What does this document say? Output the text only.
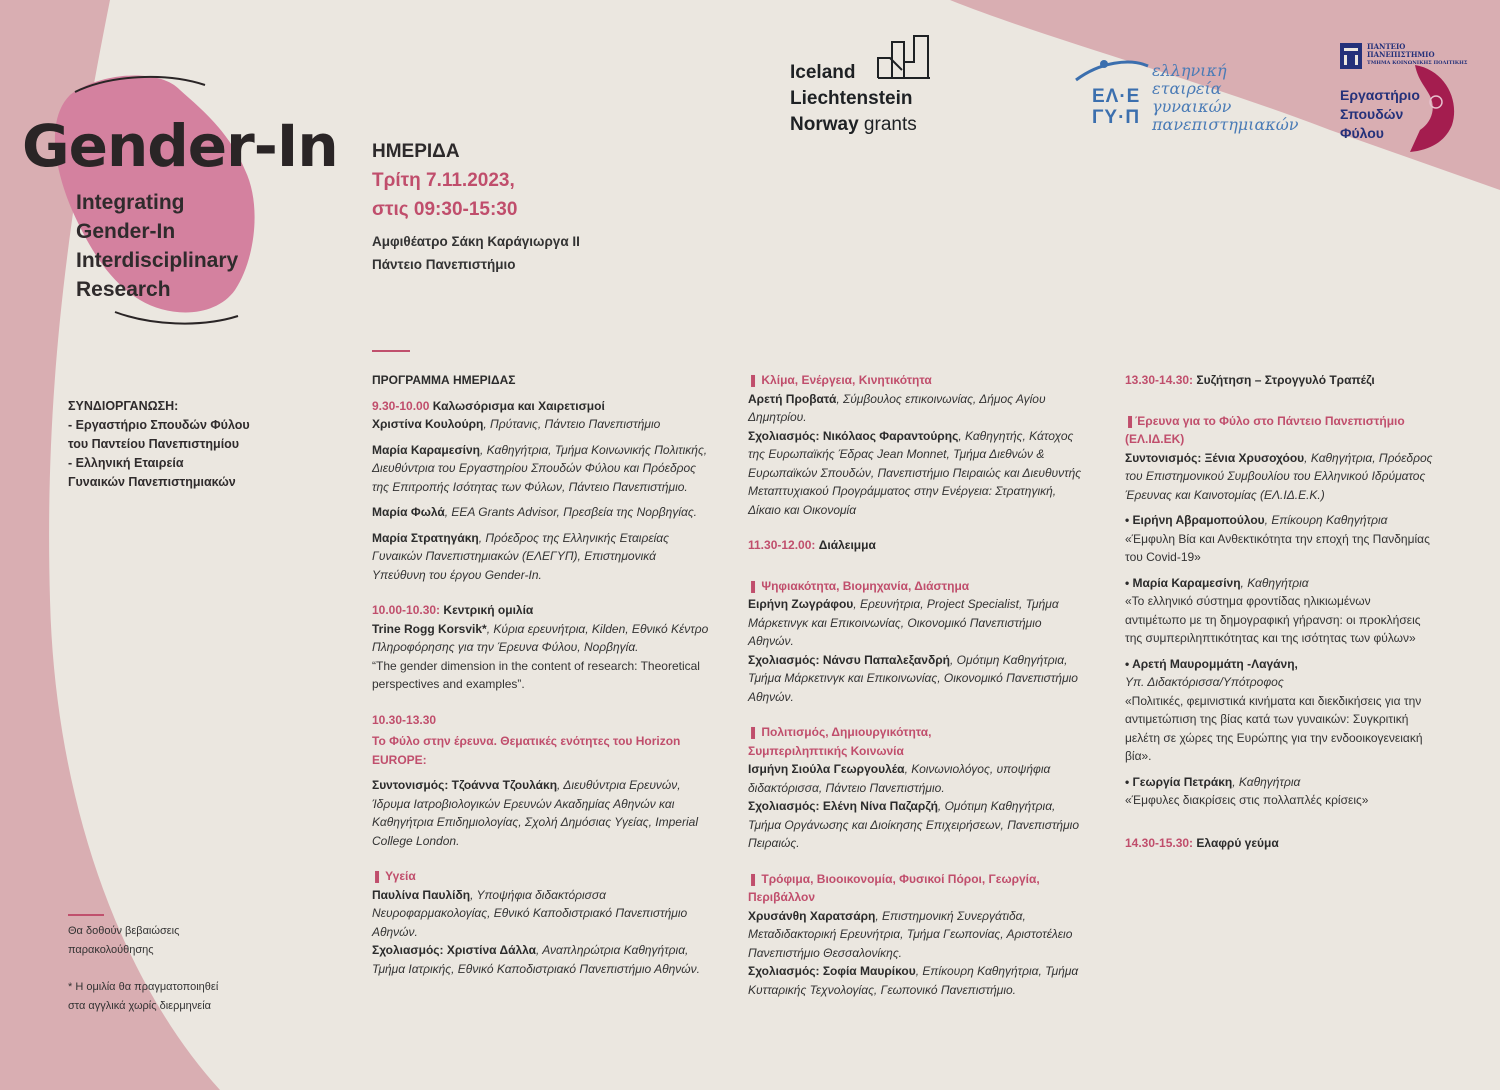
Iceland
Liechtenstein
Norway grants
ΕΛ·Ε
ΓΥ·Π
ελληνική
εταιρεία
γυναικών
πανεπιστημιακών
ΠΑΝΤΕΙΟ
ΠΑΝΕΠΙΣΤΗΜΙΟ
ΤΜΗΜΑ ΚΟΙΝΩΝΙΚΗΣ ΠΟΛΙΤΙΚΗΣ
Εργαστήριο
Σπουδών
Φύλου
Gender-In
Integrating
Gender-In
Interdisciplinary
Research
ΗΜΕΡΙΔΑ
Τρίτη 7.11.2023,
στις 09:30-15:30
Αμφιθέατρο Σάκη Καράγιωργα ΙΙ
Πάντειο Πανεπιστήμιο
ΣΥΝΔΙΟΡΓΑΝΩΣΗ:
- Εργαστήριο Σπουδών Φύλου
του Παντείου Πανεπιστημίου
- Ελληνική Εταιρεία
Γυναικών Πανεπιστημιακών
Θα δοθούν βεβαιώσεις
παρακολούθησης
* Η ομιλία θα πραγματοποιηθεί
στα αγγλικά χωρίς διερμηνεία

ΠΡΟΓΡΑΜΜΑ ΗΜΕΡΙΔΑΣ

9.30-10.00 Καλωσόρισμα και Χαιρετισμοί

Χριστίνα Κουλούρη, Πρύτανις, Πάντειο Πανεπιστήμιο

Μαρία Καραμεσίνη, Καθηγήτρια, Τμήμα Κοινωνικής Πολιτικής, Διευθύντρια του Εργαστηρίου Σπουδών Φύλου και Πρόεδρος της Επιτροπής Ισότητας των Φύλων, Πάντειο Πανεπιστήμιο.

Μαρία Φωλά, EEA Grants Advisor, Πρεσβεία της Νορβηγίας.

Μαρία Στρατηγάκη, Πρόεδρος της Ελληνικής Εταιρείας Γυναικών Πανεπιστημιακών (ΕΛΕΓΥΠ), Επιστημονικά Υπεύθυνη του έργου Gender-In.

10.00-10.30: Κεντρική ομιλία

Trine Rogg Korsvik*, Κύρια ερευνήτρια, Kilden, Εθνικό Κέντρο Πληροφόρησης για την Έρευνα Φύλου, Νορβηγία.

“The gender dimension in the content of research: Theoretical perspectives and examples”.

10.30-13.30

Το Φύλο στην έρευνα. Θεματικές ενότητες του Horizon EUROPE:

Συντονισμός: Τζοάννα Τζουλάκη, Διευθύντρια Ερευνών, Ίδρυμα Ιατροβιολογικών Ερευνών Ακαδημίας Αθηνών και Καθηγήτρια Επιδημιολογίας, Σχολή Δημόσιας Υγείας, Imperial College London.

❚ Υγεία

Παυλίνα Παυλίδη, Υποψήφια διδακτόρισσα Νευροφαρμακολογίας, Εθνικό Καποδιστριακό Πανεπιστήμιο Αθηνών.

Σχολιασμός: Χριστίνα Δάλλα, Αναπληρώτρια Καθηγήτρια, Τμήμα Ιατρικής, Εθνικό Καποδιστριακό Πανεπιστήμιο Αθηνών.

❚ Κλίμα, Ενέργεια, Κινητικότητα

Αρετή Προβατά, Σύμβουλος επικοινωνίας, Δήμος Αγίου Δημητρίου.

Σχολιασμός: Νικόλαος Φαραντούρης, Καθηγητής, Κάτοχος της Ευρωπαϊκής Έδρας Jean Monnet, Τμήμα Διεθνών & Ευρωπαϊκών Σπουδών, Πανεπιστήμιο Πειραιώς και Διευθυντής Μεταπτυχιακού Προγράμματος στην Ενέργεια: Στρατηγική, Δίκαιο και Οικονομία

11.30-12.00: Διάλειμμα

❚ Ψηφιακότητα, Βιομηχανία, Διάστημα

Ειρήνη Ζωγράφου, Ερευνήτρια, Project Specialist, Τμήμα Μάρκετινγκ και Επικοινωνίας, Οικονομικό Πανεπιστήμιο Αθηνών.

Σχολιασμός: Νάνσυ Παπαλεξανδρή, Ομότιμη Καθηγήτρια, Τμήμα Μάρκετινγκ και Επικοινωνίας, Οικονομικό Πανεπιστήμιο Αθηνών.

❚ Πολιτισμός, Δημιουργικότητα, Συμπεριληπτικής Κοινωνία

Ισμήνη Σιούλα Γεωργουλέα, Κοινωνιολόγος, υποψήφια διδακτόρισσα, Πάντειο Πανεπιστήμιο.

Σχολιασμός: Ελένη Νίνα Παζαρζή, Ομότιμη Καθηγήτρια, Τμήμα Οργάνωσης και Διοίκησης Επιχειρήσεων, Πανεπιστήμιο Πειραιώς.

❚ Τρόφιμα, Βιοοικονομία, Φυσικοί Πόροι, Γεωργία, Περιβάλλον

Χρυσάνθη Χαρατσάρη, Επιστημονική Συνεργάτιδα, Μεταδιδακτορική Ερευνήτρια, Τμήμα Γεωπονίας, Αριστοτέλειο Πανεπιστήμιο Θεσσαλονίκης.

Σχολιασμός: Σοφία Μαυρίκου, Επίκουρη Καθηγήτρια, Τμήμα Κυτταρικής Τεχνολογίας, Γεωπονικό Πανεπιστήμιο.

13.30-14.30: Συζήτηση – Στρογγυλό Τραπέζι

❚Έρευνα για το Φύλο στο Πάντειο Πανεπιστήμιο (ΕΛ.ΙΔ.ΕΚ)

Συντονισμός: Ξένια Χρυσοχόου, Καθηγήτρια, Πρόεδρος του Επιστημονικού Συμβουλίου του Ελληνικού Ιδρύματος Έρευνας και Καινοτομίας (ΕΛ.ΙΔ.Ε.Κ.)

• Ειρήνη Αβραμοπούλου, Επίκουρη Καθηγήτρια

«Έμφυλη Βία και Ανθεκτικότητα την εποχή της Πανδημίας του Covid-19»

• Μαρία Καραμεσίνη, Καθηγήτρια

«Το ελληνικό σύστημα φροντίδας ηλικιωμένων αντιμέτωπο με τη δημογραφική γήρανση: οι προκλήσεις της συμπεριληπτικότητας και της ισότητας των φύλων»

• Αρετή Μαυρομμάτη -Λαγάνη,

Υπ. Διδακτόρισσα/Υπότροφος

«Πολιτικές, φεμινιστικά κινήματα και διεκδικήσεις για την αντιμετώπιση της βίας κατά των γυναικών: Συγκριτική μελέτη σε χώρες της Ευρώπης για την ενδοοικογενειακή βία».

• Γεωργία Πετράκη, Καθηγήτρια

«Έμφυλες διακρίσεις στις πολλαπλές κρίσεις»

14.30-15.30: Ελαφρύ γεύμα
